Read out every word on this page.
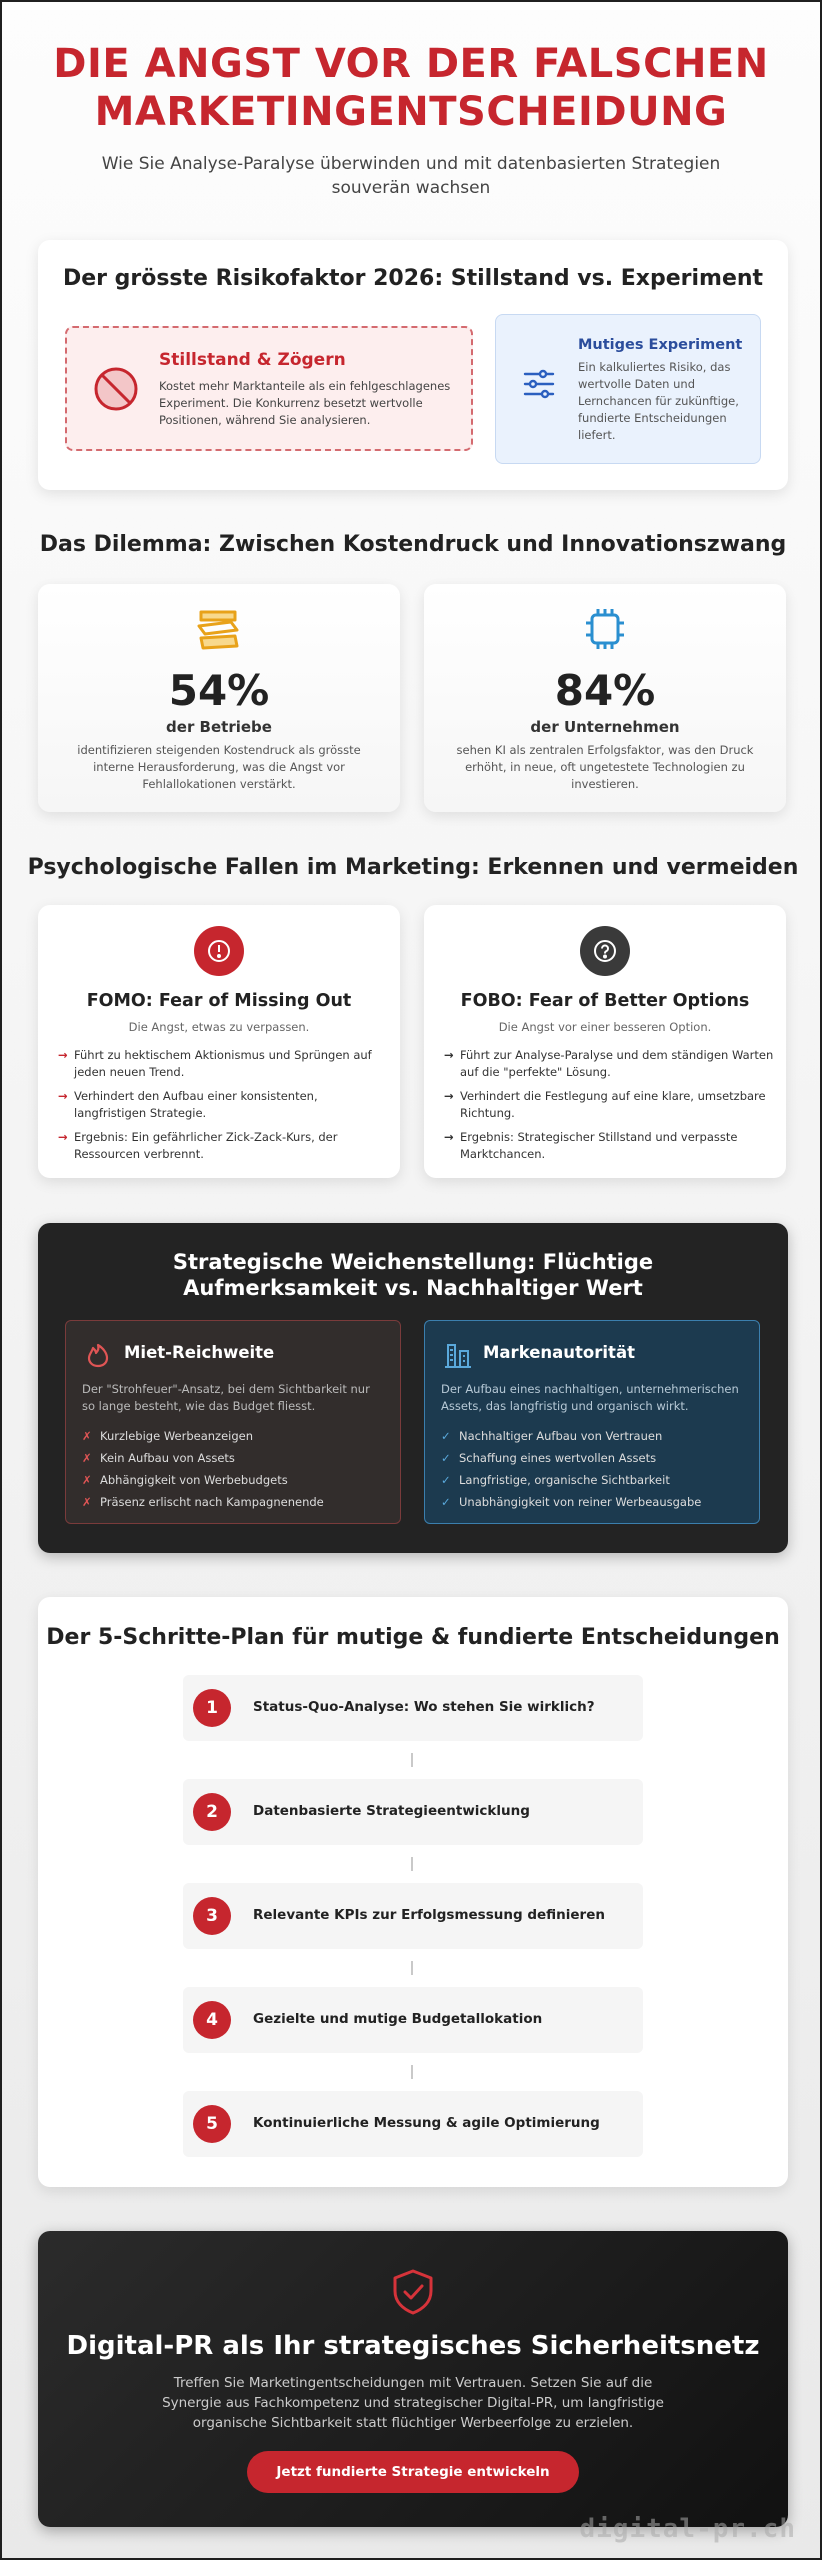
DIE ANGST VOR DER FALSCHEN MARKETINGENTSCHEIDUNG

Wie Sie Analyse-Paralyse überwinden und mit datenbasierten Strategien souverän wachsen

Der grösste Risikofaktor 2026: Stillstand vs. Experiment
Stillstand & Zögern

Kostet mehr Marktanteile als ein fehlgeschlagenes Experiment. Die Konkurrenz besetzt wertvolle Positionen, während Sie analysieren.

Mutiges Experiment

Ein kalkuliertes Risiko, das wertvolle Daten und Lernchancen für zukünftige, fundierte Entscheidungen liefert.

Das Dilemma: Zwischen Kostendruck und Innovationszwang
54%
der Betriebe

identifizieren steigenden Kostendruck als grösste interne Herausforderung, was die Angst vor Fehlallokationen verstärkt.

84%
der Unternehmen

sehen KI als zentralen Erfolgsfaktor, was den Druck erhöht, in neue, oft ungetestete Technologien zu investieren.

Psychologische Fallen im Marketing: Erkennen und vermeiden
FOMO: Fear of Missing Out
Die Angst, etwas zu verpassen.
→ Führt zu hektischem Aktionismus und Sprüngen auf jeden neuen Trend.
→ Verhindert den Aufbau einer konsistenten, langfristigen Strategie.
→ Ergebnis: Ein gefährlicher Zick-Zack-Kurs, der Ressourcen verbrennt.
FOBO: Fear of Better Options
Die Angst vor einer besseren Option.
→ Führt zur Analyse-Paralyse und dem ständigen Warten auf die "perfekte" Lösung.
→ Verhindert die Festlegung auf eine klare, umsetzbare Richtung.
→ Ergebnis: Strategischer Stillstand und verpasste Marktchancen.
Strategische Weichenstellung: Flüchtige Aufmerksamkeit vs. Nachhaltiger Wert
Miet-Reichweite

Der "Strohfeuer"-Ansatz, bei dem Sichtbarkeit nur so lange besteht, wie das Budget fliesst.

✗ Kurzlebige Werbeanzeigen
✗ Kein Aufbau von Assets
✗ Abhängigkeit von Werbebudgets
✗ Präsenz erlischt nach Kampagnenende
Markenautorität

Der Aufbau eines nachhaltigen, unternehmerischen Assets, das langfristig und organisch wirkt.

✓ Nachhaltiger Aufbau von Vertrauen
✓ Schaffung eines wertvollen Assets
✓ Langfristige, organische Sichtbarkeit
✓ Unabhängigkeit von reiner Werbeausgabe
Der 5-Schritte-Plan für mutige & fundierte Entscheidungen
1	Status-Quo-Analyse: Wo stehen Sie wirklich?
2	Datenbasierte Strategieentwicklung
3	Relevante KPIs zur Erfolgsmessung definieren
4	Gezielte und mutige Budgetallokation
5	Kontinuierliche Messung & agile Optimierung
Digital-PR als Ihr strategisches Sicherheitsnetz

Treffen Sie Marketingentscheidungen mit Vertrauen. Setzen Sie auf die Synergie aus Fachkompetenz und strategischer Digital-PR, um langfristige organische Sichtbarkeit statt flüchtiger Werbeerfolge zu erzielen.

Jetzt fundierte Strategie entwickeln
digital-pr.ch
